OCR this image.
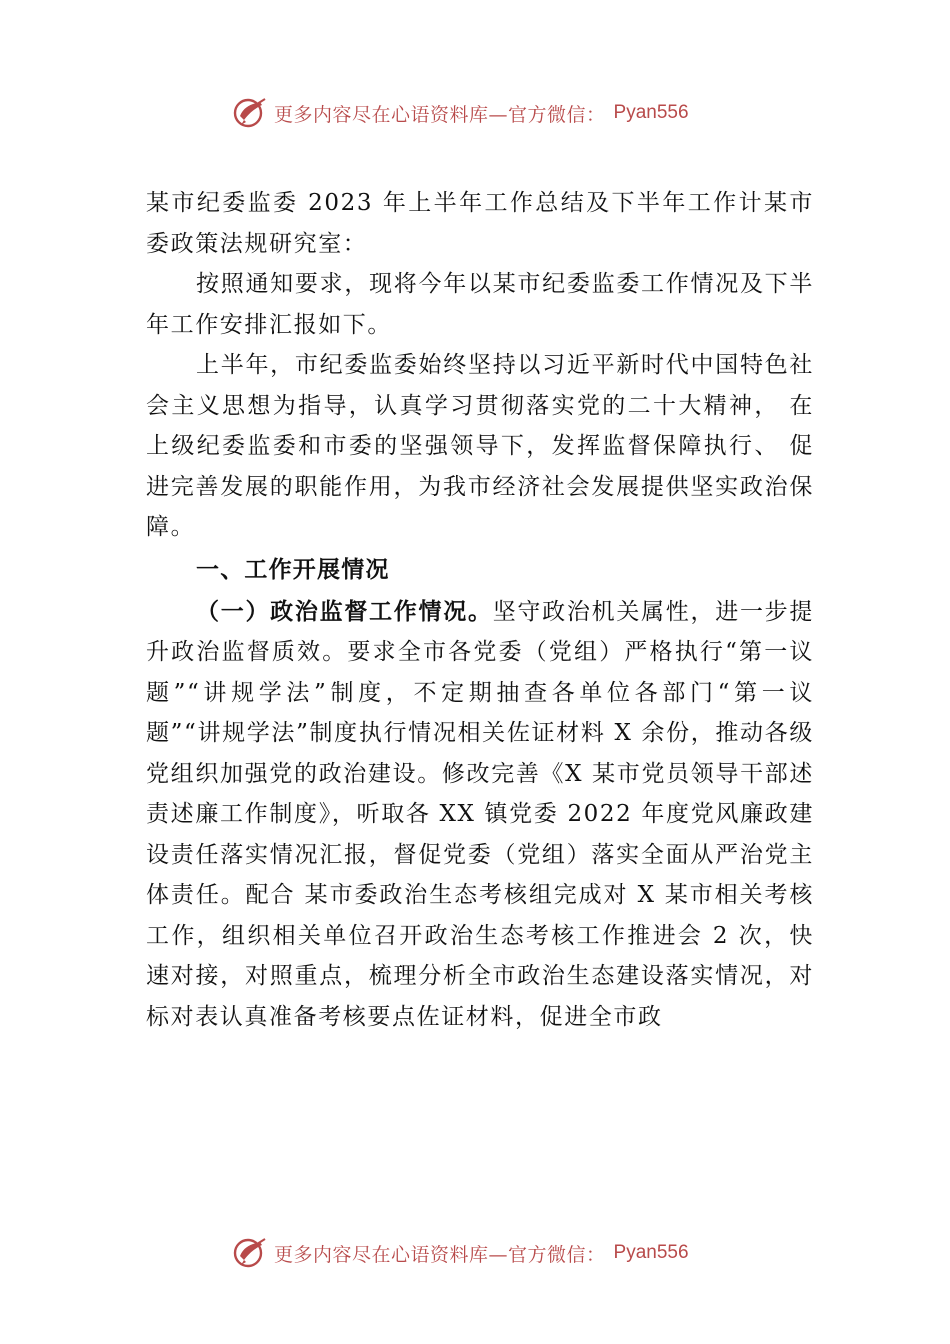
更多内容尽在心语资料库—官方微信： Pyan556

某市纪委监委 2023 年上半年工作总结及下半年工作计某市委政策法规研究室：

按照通知要求，现将今年以某市纪委监委工作情况及下半年工作安排汇报如下。

上半年，市纪委监委始终坚持以习近平新时代中国特色社会主义思想为指导，认真学习贯彻落实党的二十大精神， 在上级纪委监委和市委的坚强领导下，发挥监督保障执行、 促进完善发展的职能作用，为我市经济社会发展提供坚实政治保障。

一、工作开展情况

（一）政治监督工作情况。坚守政治机关属性，进一步提升政治监督质效。要求全市各党委（党组）严格执行“第一议题”“讲规学法”制度，不定期抽查各单位各部门“第一议题”“讲规学法”制度执行情况相关佐证材料 X 余份，推动各级党组织加强党的政治建设。修改完善《X 某市党员领导干部述责述廉工作制度》，听取各 XX 镇党委 2022 年度党风廉政建设责任落实情况汇报，督促党委（党组）落实全面从严治党主体责任。配合 某市委政治生态考核组完成对 X 某市相关考核工作，组织相关单位召开政治生态考核工作推进会 2 次，快速对接，对照重点，梳理分析全市政治生态建设落实情况，对标对表认真准备考核要点佐证材料，促进全市政

更多内容尽在心语资料库—官方微信： Pyan556
